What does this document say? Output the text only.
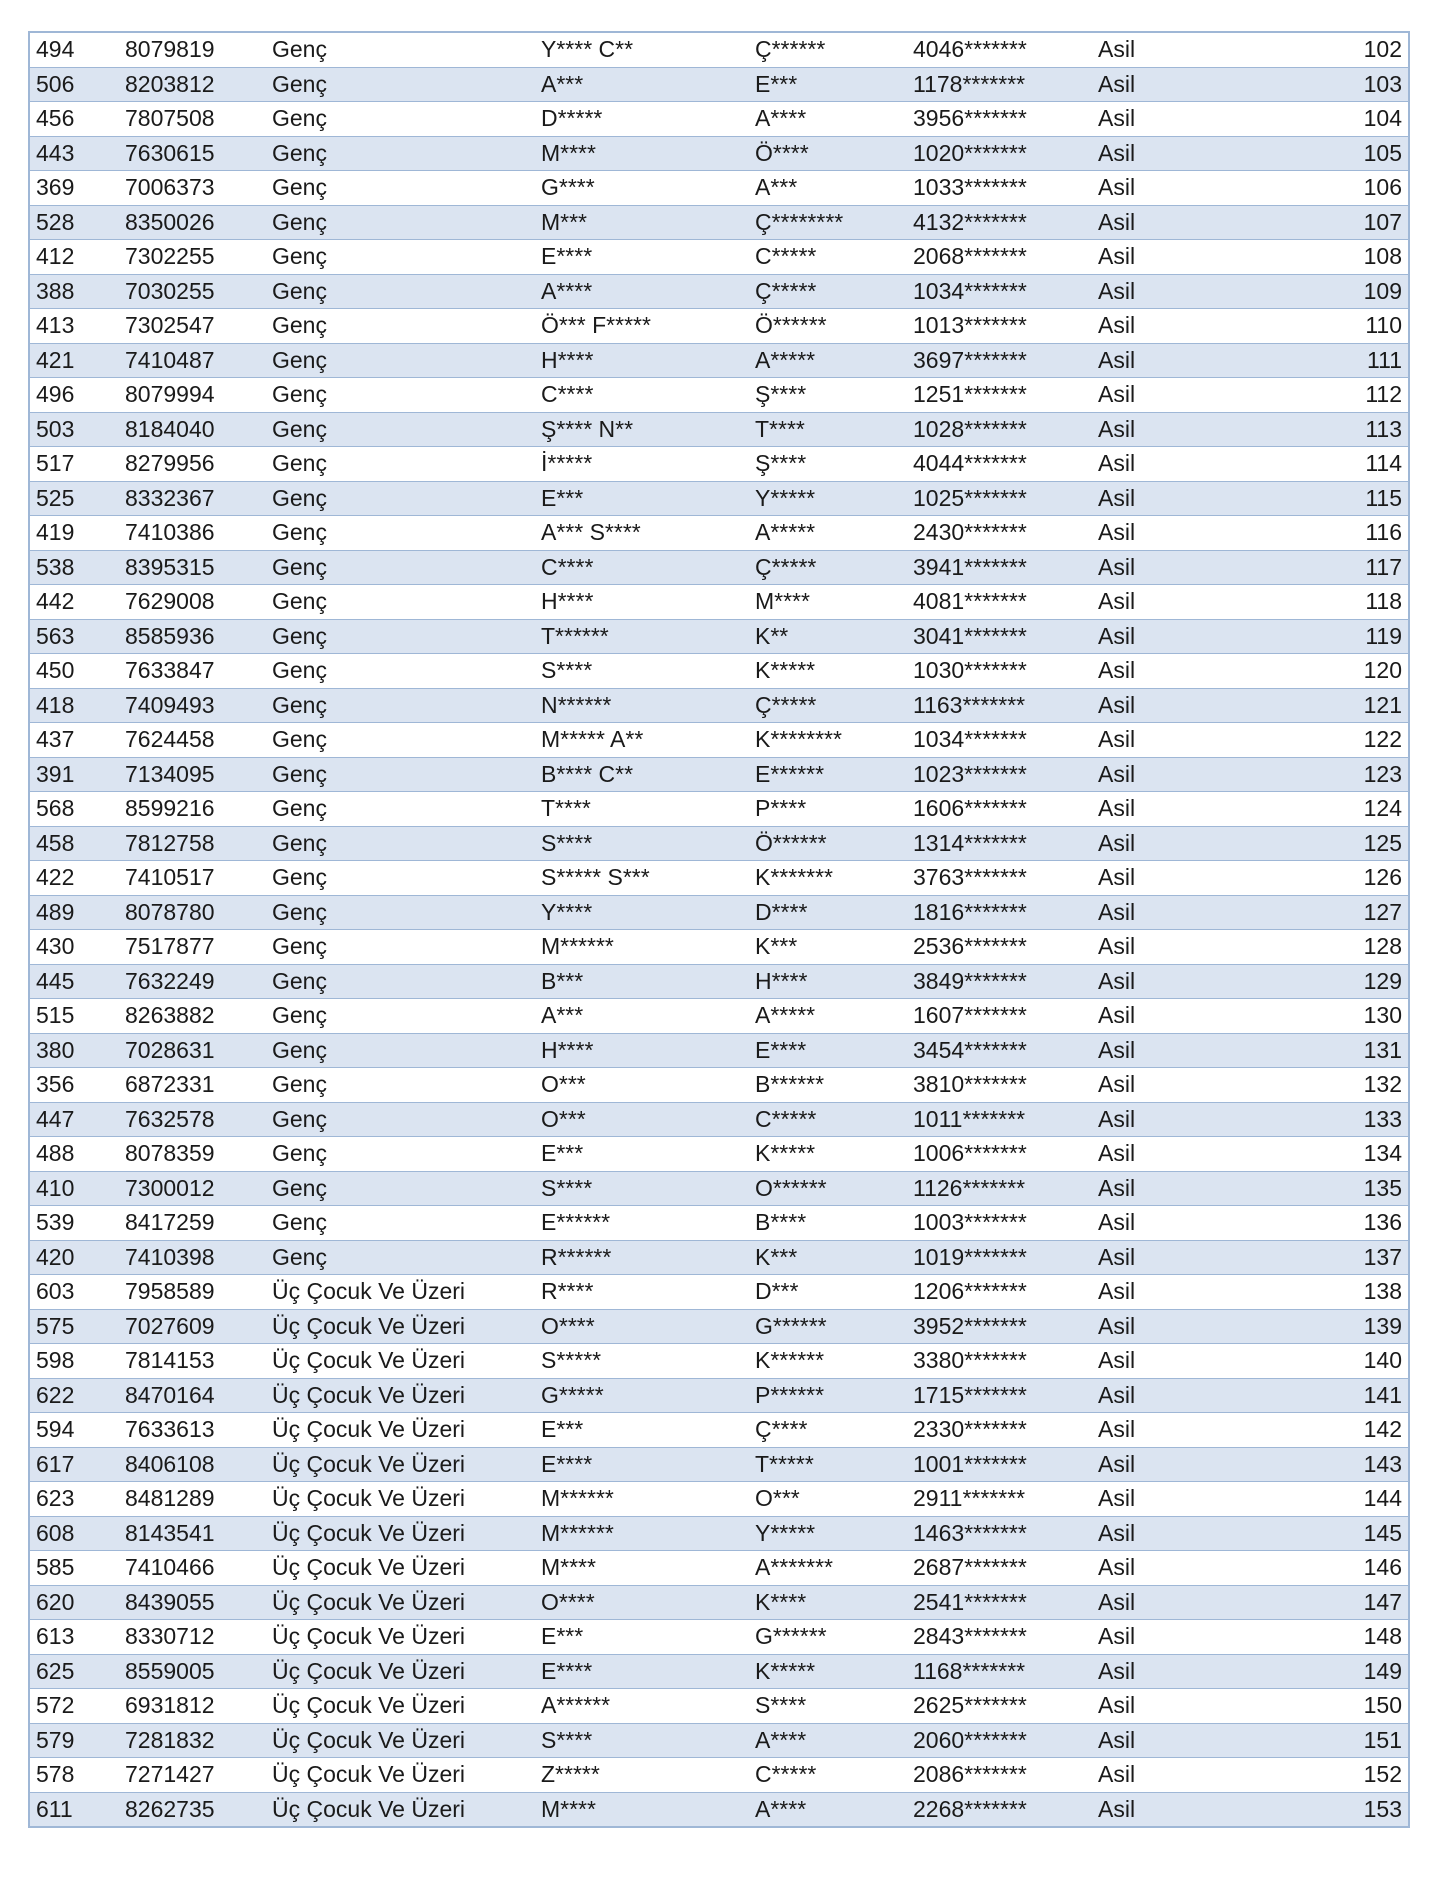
494	8079819	Genç	Y**** C**	Ç******	4046*******	Asil	102
506	8203812	Genç	A***	E***	1178*******	Asil	103
456	7807508	Genç	D*****	A****	3956*******	Asil	104
443	7630615	Genç	M****	Ö****	1020*******	Asil	105
369	7006373	Genç	G****	A***	1033*******	Asil	106
528	8350026	Genç	M***	Ç********	4132*******	Asil	107
412	7302255	Genç	E****	C*****	2068*******	Asil	108
388	7030255	Genç	A****	Ç*****	1034*******	Asil	109
413	7302547	Genç	Ö*** F*****	Ö******	1013*******	Asil	110
421	7410487	Genç	H****	A*****	3697*******	Asil	111
496	8079994	Genç	C****	Ş****	1251*******	Asil	112
503	8184040	Genç	Ş**** N**	T****	1028*******	Asil	113
517	8279956	Genç	İ*****	Ş****	4044*******	Asil	114
525	8332367	Genç	E***	Y*****	1025*******	Asil	115
419	7410386	Genç	A*** S****	A*****	2430*******	Asil	116
538	8395315	Genç	C****	Ç*****	3941*******	Asil	117
442	7629008	Genç	H****	M****	4081*******	Asil	118
563	8585936	Genç	T******	K**	3041*******	Asil	119
450	7633847	Genç	S****	K*****	1030*******	Asil	120
418	7409493	Genç	N******	Ç*****	1163*******	Asil	121
437	7624458	Genç	M***** A**	K********	1034*******	Asil	122
391	7134095	Genç	B**** C**	E******	1023*******	Asil	123
568	8599216	Genç	T****	P****	1606*******	Asil	124
458	7812758	Genç	S****	Ö******	1314*******	Asil	125
422	7410517	Genç	S***** S***	K*******	3763*******	Asil	126
489	8078780	Genç	Y****	D****	1816*******	Asil	127
430	7517877	Genç	M******	K***	2536*******	Asil	128
445	7632249	Genç	B***	H****	3849*******	Asil	129
515	8263882	Genç	A***	A*****	1607*******	Asil	130
380	7028631	Genç	H****	E****	3454*******	Asil	131
356	6872331	Genç	O***	B******	3810*******	Asil	132
447	7632578	Genç	O***	C*****	1011*******	Asil	133
488	8078359	Genç	E***	K*****	1006*******	Asil	134
410	7300012	Genç	S****	O******	1126*******	Asil	135
539	8417259	Genç	E******	B****	1003*******	Asil	136
420	7410398	Genç	R******	K***	1019*******	Asil	137
603	7958589	Üç Çocuk Ve Üzeri	R****	D***	1206*******	Asil	138
575	7027609	Üç Çocuk Ve Üzeri	O****	G******	3952*******	Asil	139
598	7814153	Üç Çocuk Ve Üzeri	S*****	K******	3380*******	Asil	140
622	8470164	Üç Çocuk Ve Üzeri	G*****	P******	1715*******	Asil	141
594	7633613	Üç Çocuk Ve Üzeri	E***	Ç****	2330*******	Asil	142
617	8406108	Üç Çocuk Ve Üzeri	E****	T*****	1001*******	Asil	143
623	8481289	Üç Çocuk Ve Üzeri	M******	O***	2911*******	Asil	144
608	8143541	Üç Çocuk Ve Üzeri	M******	Y*****	1463*******	Asil	145
585	7410466	Üç Çocuk Ve Üzeri	M****	A*******	2687*******	Asil	146
620	8439055	Üç Çocuk Ve Üzeri	O****	K****	2541*******	Asil	147
613	8330712	Üç Çocuk Ve Üzeri	E***	G******	2843*******	Asil	148
625	8559005	Üç Çocuk Ve Üzeri	E****	K*****	1168*******	Asil	149
572	6931812	Üç Çocuk Ve Üzeri	A******	S****	2625*******	Asil	150
579	7281832	Üç Çocuk Ve Üzeri	S****	A****	2060*******	Asil	151
578	7271427	Üç Çocuk Ve Üzeri	Z*****	C*****	2086*******	Asil	152
611	8262735	Üç Çocuk Ve Üzeri	M****	A****	2268*******	Asil	153
